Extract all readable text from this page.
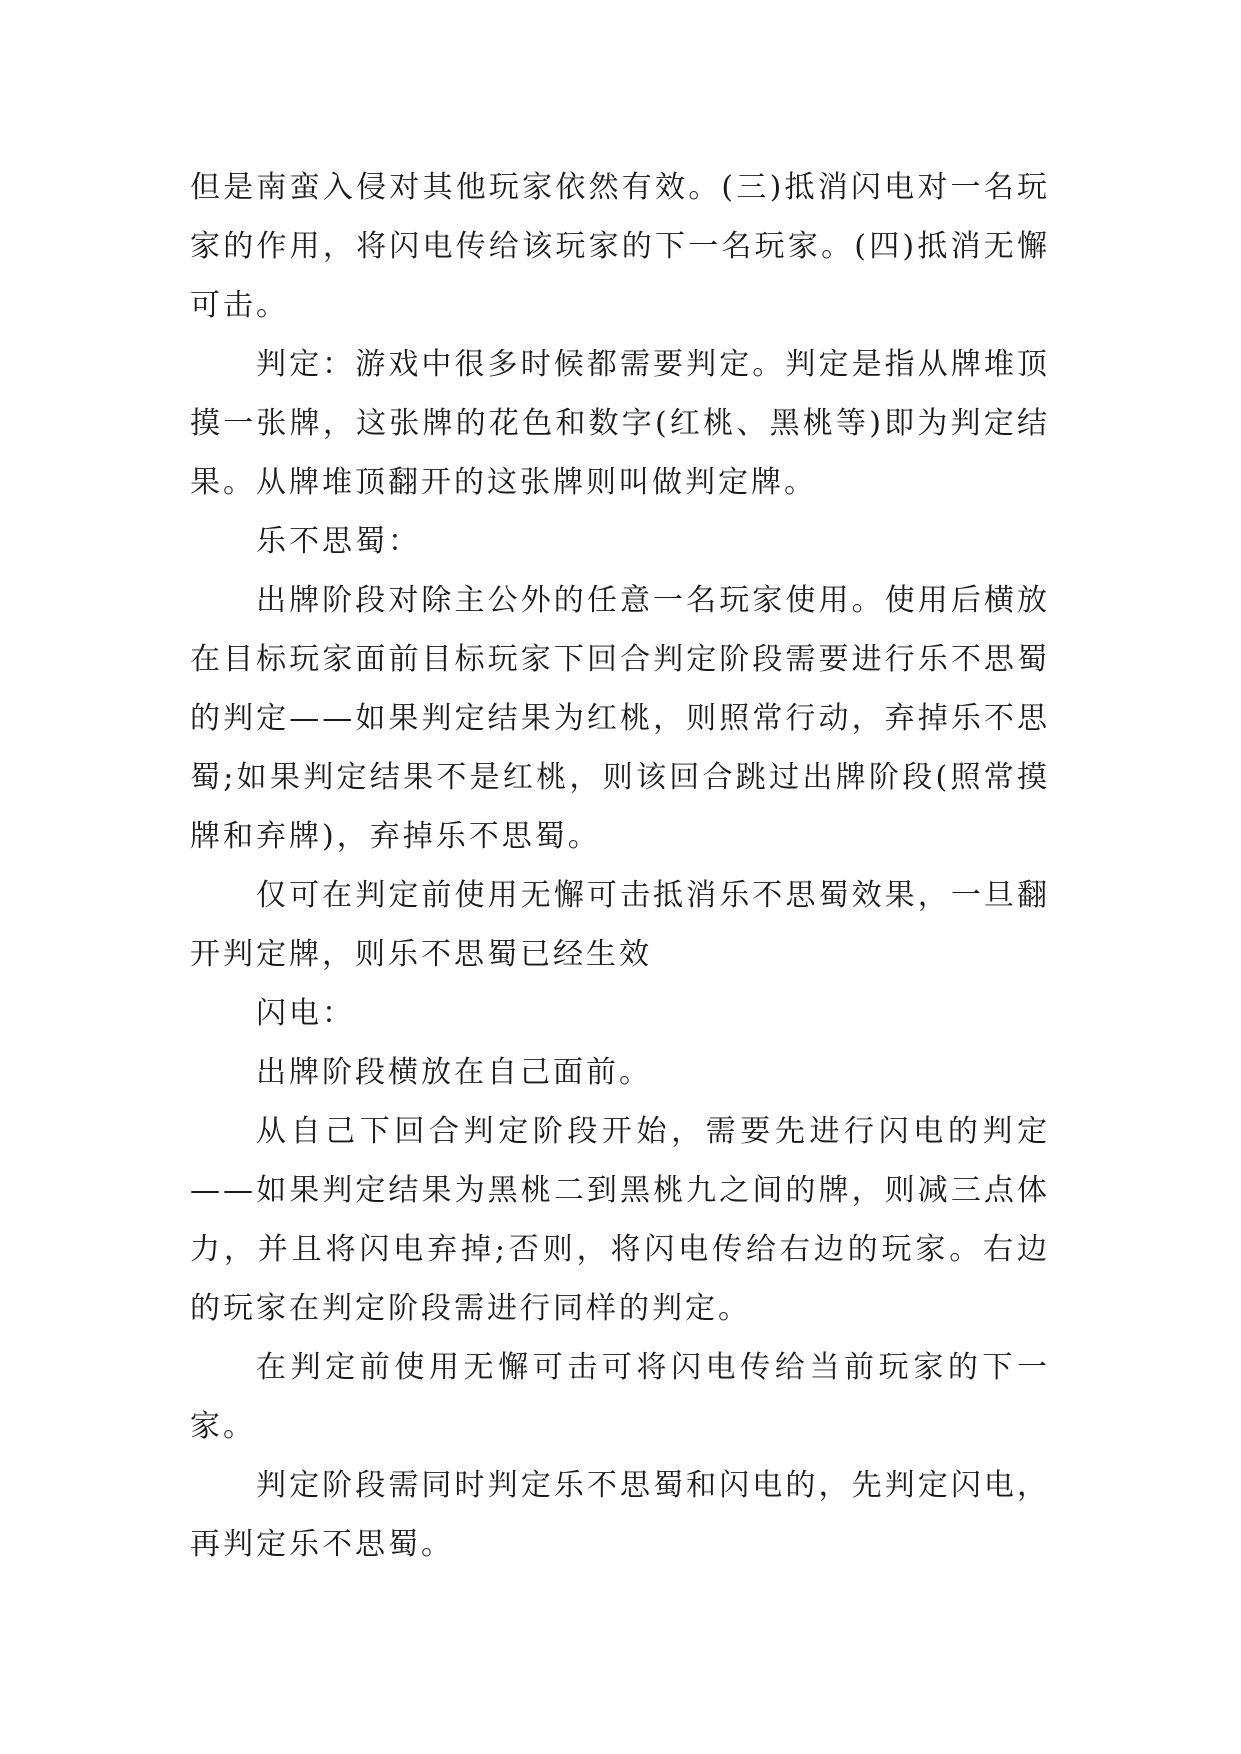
但是南蛮入侵对其他玩家依然有效。(三)抵消闪电对一名玩家的作用，将闪电传给该玩家的下一名玩家。(四)抵消无懈可击。

判定：游戏中很多时候都需要判定。判定是指从牌堆顶摸一张牌，这张牌的花色和数字(红桃、黑桃等)即为判定结果。从牌堆顶翻开的这张牌则叫做判定牌。

乐不思蜀：

出牌阶段对除主公外的任意一名玩家使用。使用后横放在目标玩家面前目标玩家下回合判定阶段需要进行乐不思蜀的判定——如果判定结果为红桃，则照常行动，弃掉乐不思蜀;如果判定结果不是红桃，则该回合跳过出牌阶段(照常摸牌和弃牌)，弃掉乐不思蜀。

仅可在判定前使用无懈可击抵消乐不思蜀效果，一旦翻开判定牌，则乐不思蜀已经生效

闪电：

出牌阶段横放在自己面前。

从自己下回合判定阶段开始，需要先进行闪电的判定——如果判定结果为黑桃二到黑桃九之间的牌，则减三点体力，并且将闪电弃掉;否则，将闪电传给右边的玩家。右边的玩家在判定阶段需进行同样的判定。

在判定前使用无懈可击可将闪电传给当前玩家的下一家。

判定阶段需同时判定乐不思蜀和闪电的，先判定闪电，再判定乐不思蜀。
